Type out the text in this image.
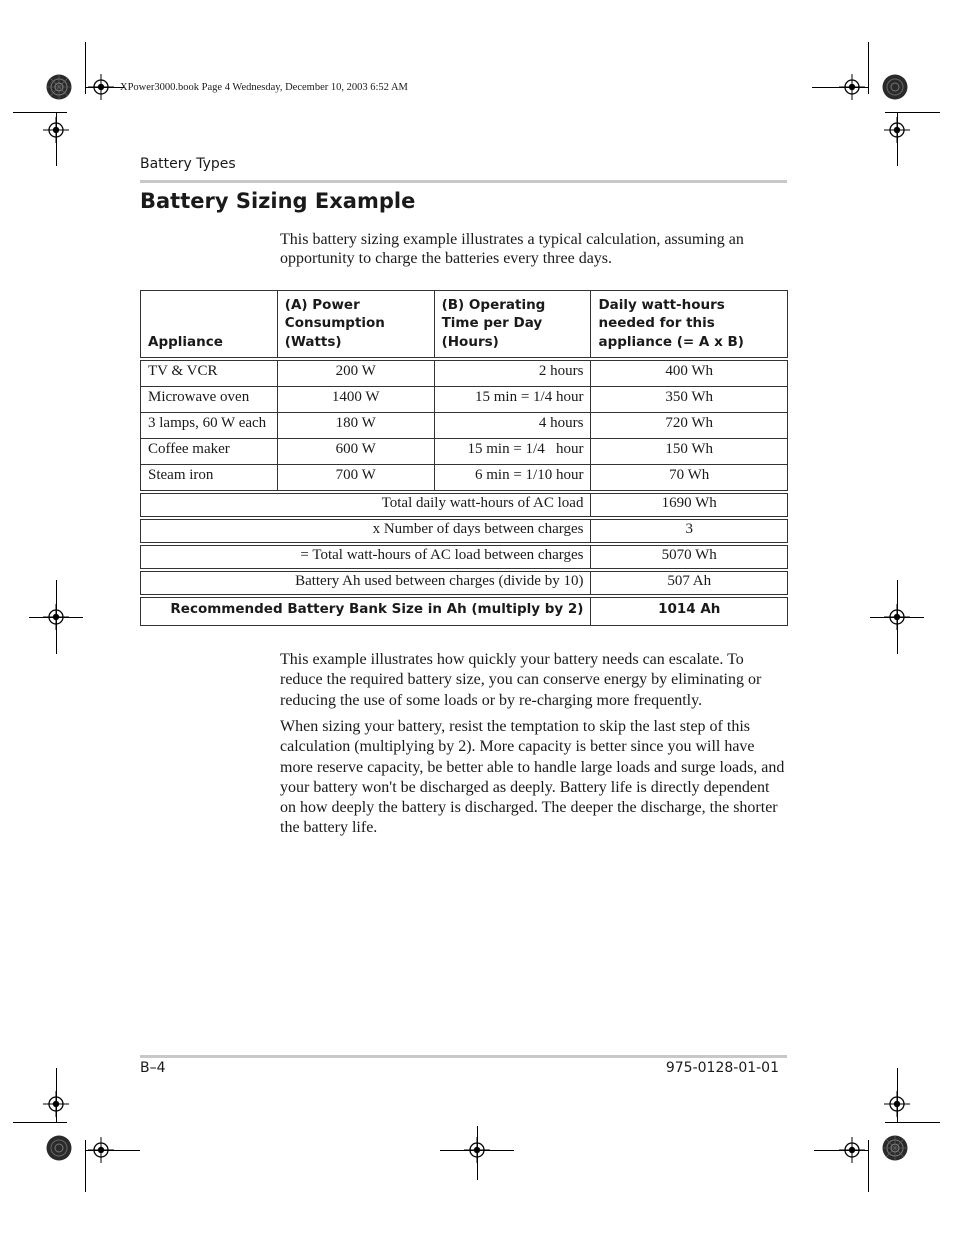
XPower3000.book Page 4 Wednesday, December 10, 2003 6:52 AM
Battery Types
Battery Sizing Example
This battery sizing example illustrates a typical calculation, assuming an opportunity to charge the batteries every three days.
Appliance	(A) Power Consumption (Watts)	(B) Operating Time per Day (Hours)	Daily watt-hours needed for this appliance (= A x B)
TV & VCR	200 W	2 hours	400 Wh
Microwave oven	1400 W	15 min = 1/4 hour	350 Wh
3 lamps, 60 W each	180 W	4 hours	720 Wh
Coffee maker	600 W	15 min = 1/4   hour	150 Wh
Steam iron	700 W	6 min = 1/10 hour	70 Wh
Total daily watt-hours of AC load			1690 Wh
x Number of days between charges			3
= Total watt-hours of AC load between charges			5070 Wh
Battery Ah used between charges (divide by 10)			507 Ah
Recommended Battery Bank Size in Ah (multiply by 2)			1014 Ah
This example illustrates how quickly your battery needs can escalate. To reduce the required battery size, you can conserve energy by eliminating or reducing the use of some loads or by re-charging more frequently.
When sizing your battery, resist the temptation to skip the last step of this calculation (multiplying by 2). More capacity is better since you will have more reserve capacity, be better able to handle large loads and surge loads, and your battery won't be discharged as deeply. Battery life is directly dependent on how deeply the battery is discharged. The deeper the discharge, the shorter the battery life.
B–4	975-0128-01-01
